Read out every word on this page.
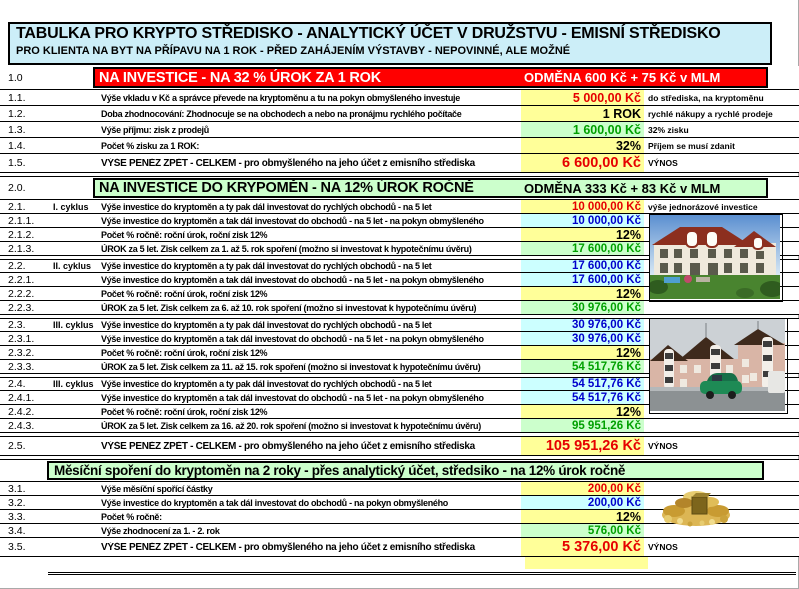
TABULKA PRO KRYPTO STŘEDISKO - ANALYTICKÝ ÚČET V DRUŽSTVU - EMISNÍ STŘEDISKO
PRO KLIENTA NA BYT NA PŘÍPAVU NA 1 ROK - PŘED ZAHÁJENÍM VÝSTAVBY - NEPOVINNÉ, ALE MOŽNÉ
1.0	NA INVESTICE - NA 32 % ÚROK ZA 1 ROK	ODMĚNA 600 Kč + 75 Kč v MLM
1.1.	Výše vkladu v Kč a správce převede na kryptoměnu a tu na pokyn obmyšleného investuje	5 000,00 Kč do střediska, na kryptoměnu
1.2.	Doba zhodnocování: Zhodnocuje se na obchodech a nebo na pronájmu rychlého počítače	1 ROK rychlé nákupy a rychlé prodeje
1.3.	Výše příjmu: zisk z prodejů	1 600,00 Kč 32% zisku
1.4.	Počet % zisku za 1 ROK:	32% Příjem se musí zdanit
1.5.	VÝŠE PENĚZ ZPĚT - CELKEM - pro obmyšleného na jeho účet z emisního střediska	6 600,00 Kč VÝNOS
2.0.	NA INVESTICE DO KRYPOMĚN - NA 12% ÚROK ROČNĚ	ODMĚNA 333 Kč + 83 Kč v MLM
2.1.	I. cyklus	Výše investice do kryptoměn a ty pak dál investovat do rychlých obchodů - na 5 let	10 000,00 Kč výše jednorázové investice
2.1.1.	Výše investice do kryptoměn a tak dál investovat do obchodů - na 5 let - na pokyn obmyšleného	10 000,00 Kč
2.1.2.	Počet % ročně: roční úrok, roční zisk 12%	12%
2.1.3.	ÚROK za 5 let. Zisk celkem za 1. až 5. rok spoření (možno si investovat k hypotečnímu úvěru)	17 600,00 Kč
2.2.	II. cyklus	Výše investice do kryptoměn a ty pak dál investovat do rychlých obchodů - na 5 let	17 600,00 Kč
2.2.1.	Výše investice do kryptoměn a tak dál investovat do obchodů - na 5 let - na pokyn obmyšleného	17 600,00 Kč
2.2.2.	Počet % ročně: roční úrok, roční zisk 12%	12%
2.2.3.	ÚROK za 5 let. Zisk celkem za 6. až 10. rok spoření (možno si investovat k hypotečnímu úvěru)	30 976,00 Kč
2.3.	III. cyklus Výše investice do kryptoměn a ty pak dál investovat do rychlých obchodů - na 5 let	30 976,00 Kč
2.3.1.	Výše investice do kryptoměn a tak dál investovat do obchodů - na 5 let - na pokyn obmyšleného	30 976,00 Kč
2.3.2.	Počet % ročně: roční úrok, roční zisk 12%	12%
2.3.3.	ÚROK za 5 let. Zisk celkem za 11. až 15. rok spoření (možno si investovat k hypotečnímu úvěru)	54 517,76 Kč
2.4.	III. cyklus Výše investice do kryptoměn a ty pak dál investovat do rychlých obchodů - na 5 let	54 517,76 Kč
2.4.1.	Výše investice do kryptoměn a tak dál investovat do obchodů - na 5 let - na pokyn obmyšleného	54 517,76 Kč
2.4.2.	Počet % ročně: roční úrok, roční zisk 12%	12%
2.4.3.	ÚROK za 5 let. Zisk celkem za 16. až 20. rok spoření (možno si investovat k hypotečnímu úvěru)	95 951,26 Kč
2.5.	VÝŠE PENĚZ ZPĚT - CELKEM - pro obmyšleného na jeho účet z emisního střediska	105 951,26 Kč VÝNOS
Měsíční spoření do kryptoměn na 2 roky - přes analytický účet, středsiko - na 12% úrok ročně
3.1.	Výše měsíční spořící částky	200,00 Kč
3.2.	Výše investice do kryptoměn a tak dál investovat do obchodů - na pokyn obmyšleného	200,00 Kč
3.3.	Počet % ročně:	12%
3.4.	Výše zhodnocení za 1. - 2. rok	576,00 Kč
3.5.	VÝŠE PENĚZ ZPĚT - CELKEM - pro obmyšleného na jeho účet z emisního střediska	5 376,00 Kč VÝNOS
